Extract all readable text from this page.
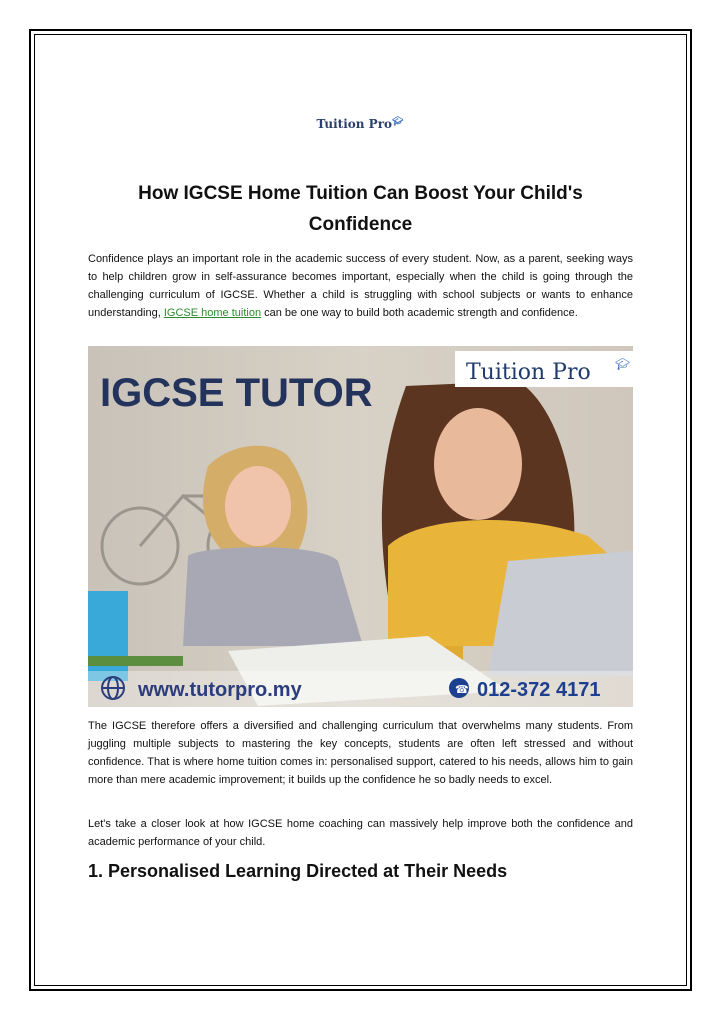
Tuition Pro🎓︎
How IGCSE Home Tuition Can Boost Your Child's Confidence

Confidence plays an important role in the academic success of every student. Now, as a parent, seeking ways to help children grow in self-assurance becomes important, especially when the child is going through the challenging curriculum of IGCSE. Whether a child is struggling with school subjects or wants to enhance understanding, IGCSE home tuition can be one way to build both academic strength and confidence.

IGCSE TUTOR	Tuition Pro 🎓︎
www.tutorpro.my	☎︎ 012-372 4171

The IGCSE therefore offers a diversified and challenging curriculum that overwhelms many students. From juggling multiple subjects to mastering the key concepts, students are often left stressed and without confidence. That is where home tuition comes in: personalised support, catered to his needs, allows him to gain more than mere academic improvement; it builds up the confidence he so badly needs to excel.

Let's take a closer look at how IGCSE home coaching can massively help improve both the confidence and academic performance of your child.

1. Personalised Learning Directed at Their Needs
